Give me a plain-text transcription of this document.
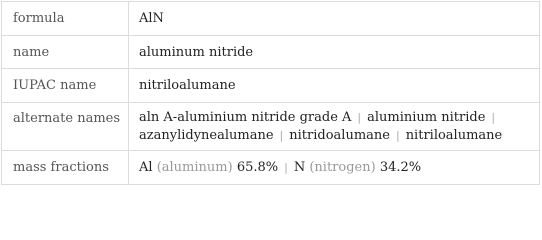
formula	AlN
name	aluminum nitride
IUPAC name	nitriloalumane
alternate names	aln A-aluminium nitride grade A | aluminium nitride |
azanylidynealumane | nitridoalumane | nitriloalumane
mass fractions	Al (aluminum) 65.8% | N (nitrogen) 34.2%
